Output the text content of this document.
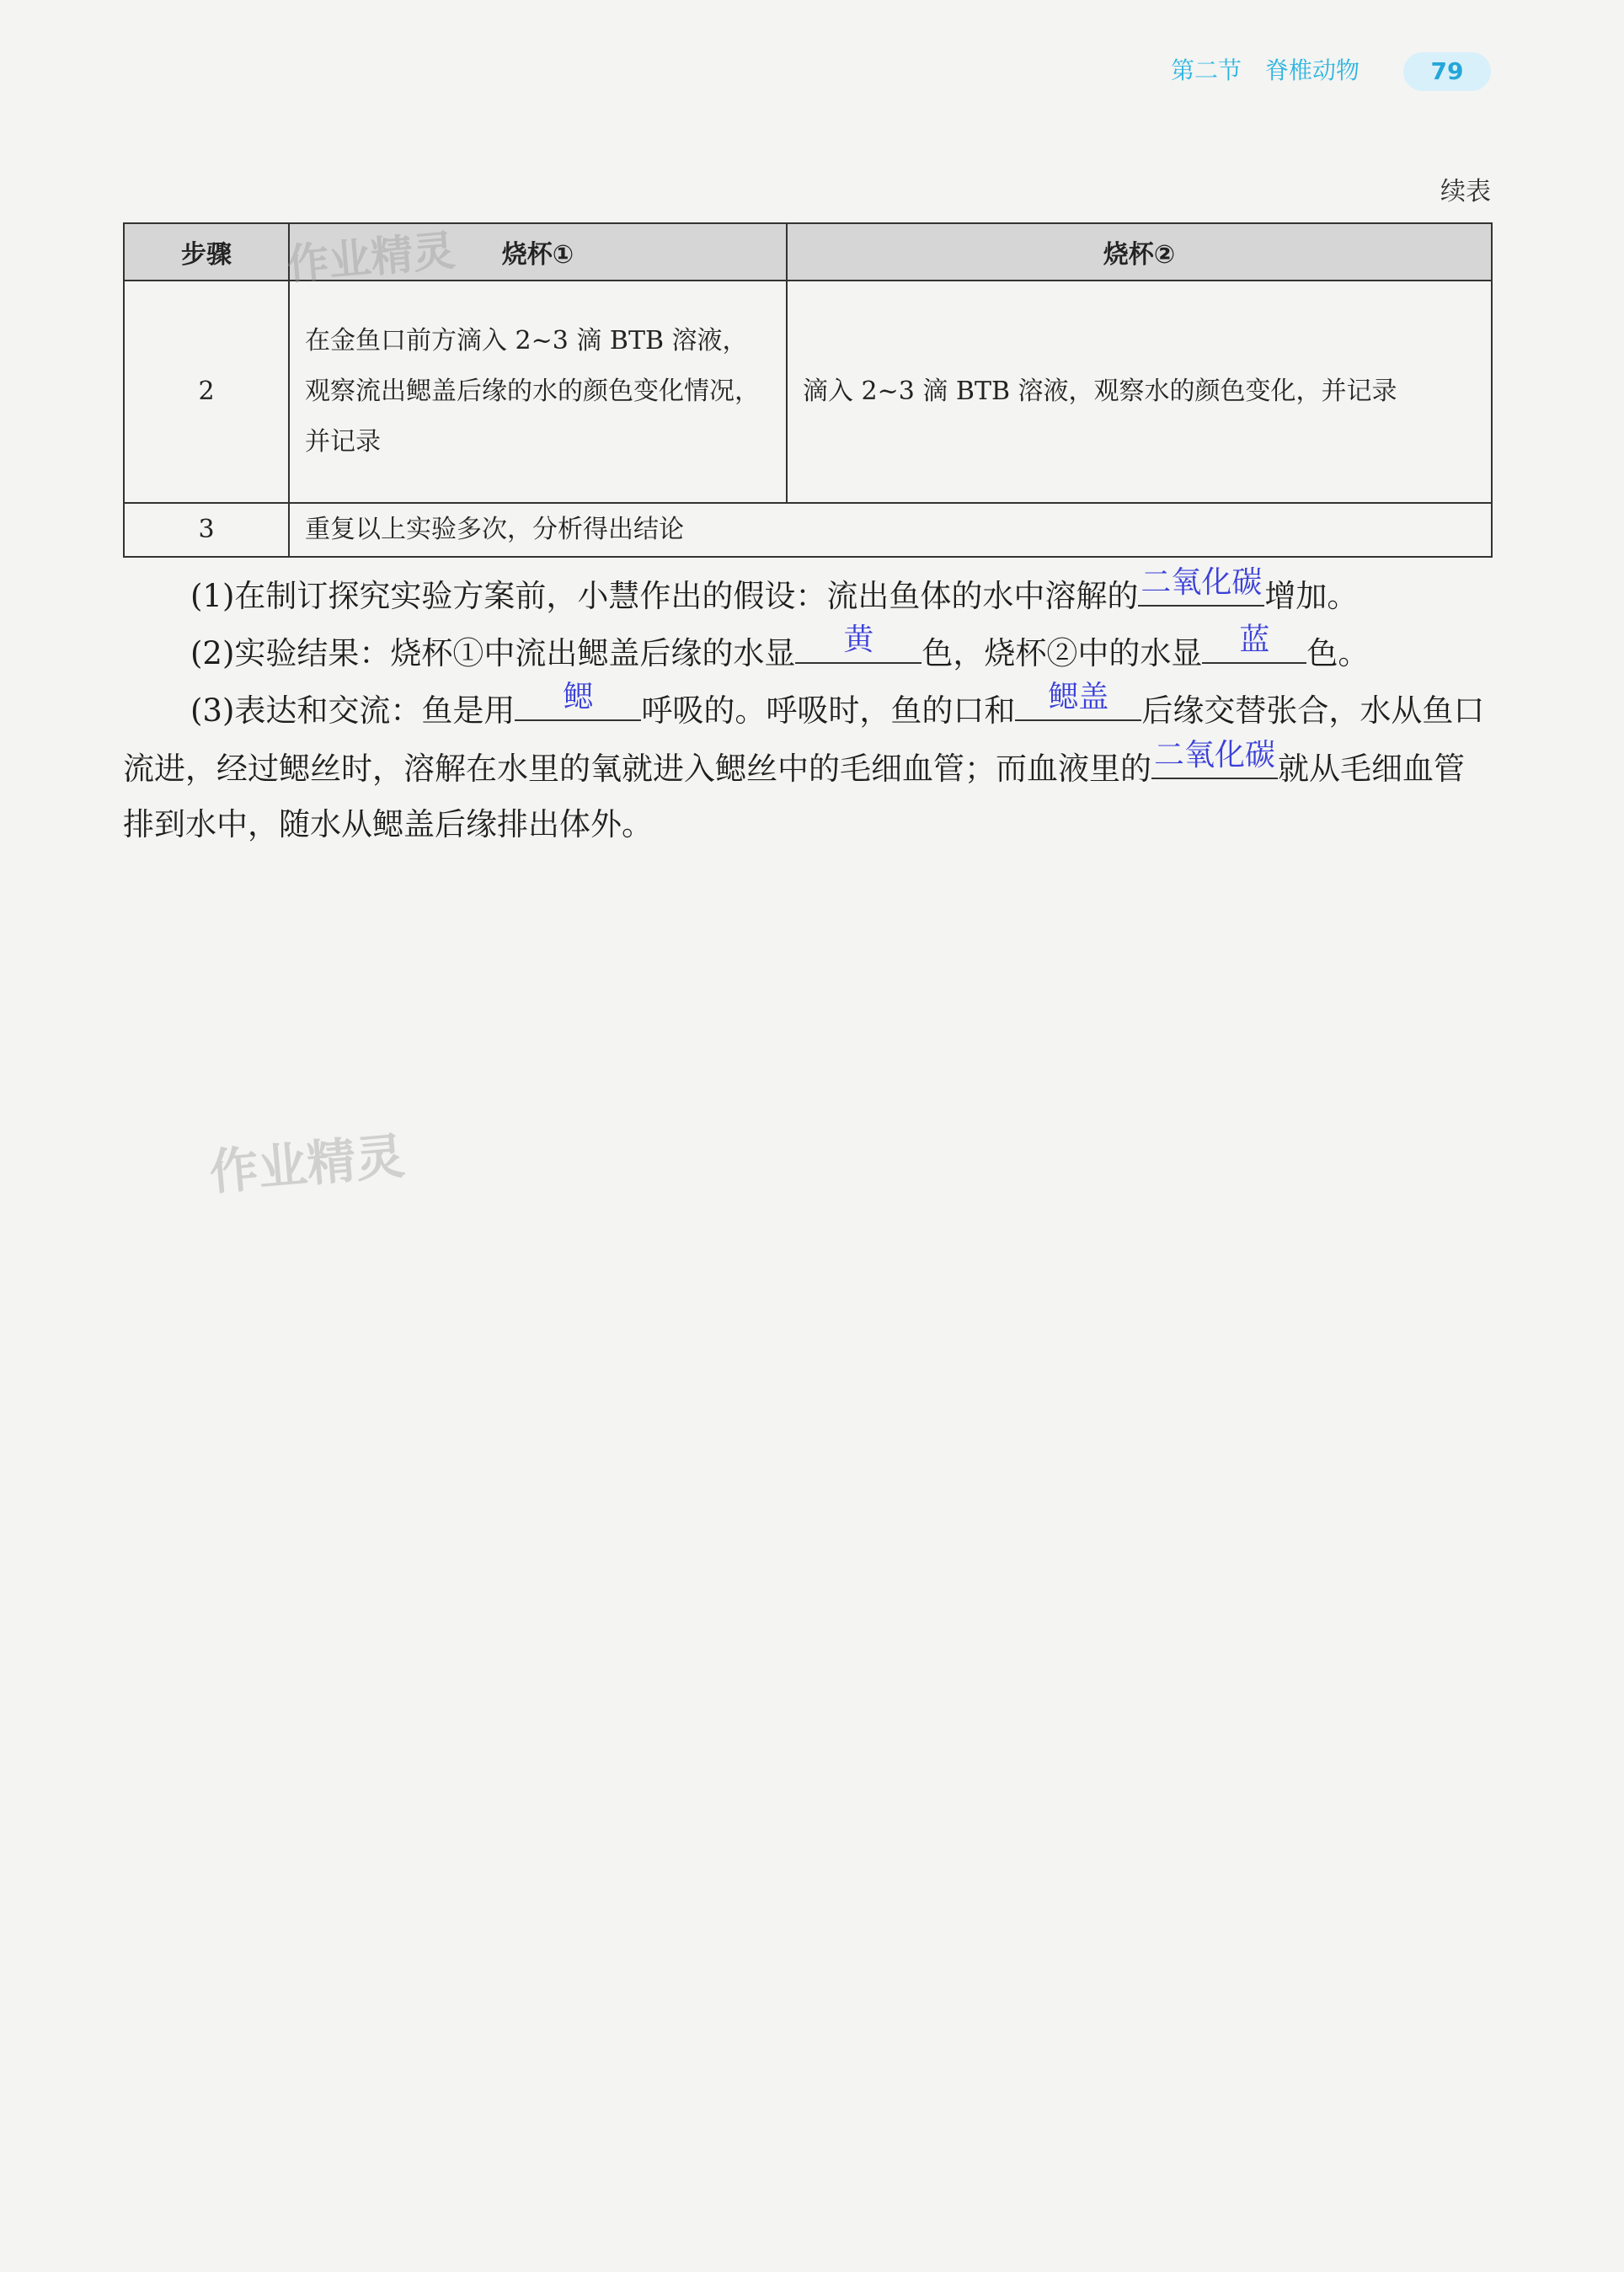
第二节 脊椎动物	79
续表
步骤	烧杯①	烧杯②
2	在金鱼口前方滴入 2~3 滴 BTB 溶液，观察流出鳃盖后缘的水的颜色变化情况，并记录	滴入 2~3 滴 BTB 溶液，观察水的颜色变化，并记录
3	重复以上实验多次，分析得出结论	
(1)在制订探究实验方案前，小慧作出的假设：流出鱼体的水中溶解的 二氧化碳 增加。
(2)实验结果：烧杯①中流出鳃盖后缘的水显	黄	色，烧杯②中的水显	蓝	色。
(3)表达和交流：鱼是用	鳃	呼吸的。呼吸时，鱼的口和	鳃盖	后缘交替张合，水从鱼口流进，经过鳃丝时，溶解在水里的氧就进入鳃丝中的毛细血管；而血液里的 二氧化碳 就从毛细血管排到水中，随水从鳃盖后缘排出体外。
作业精灵
作业精灵
